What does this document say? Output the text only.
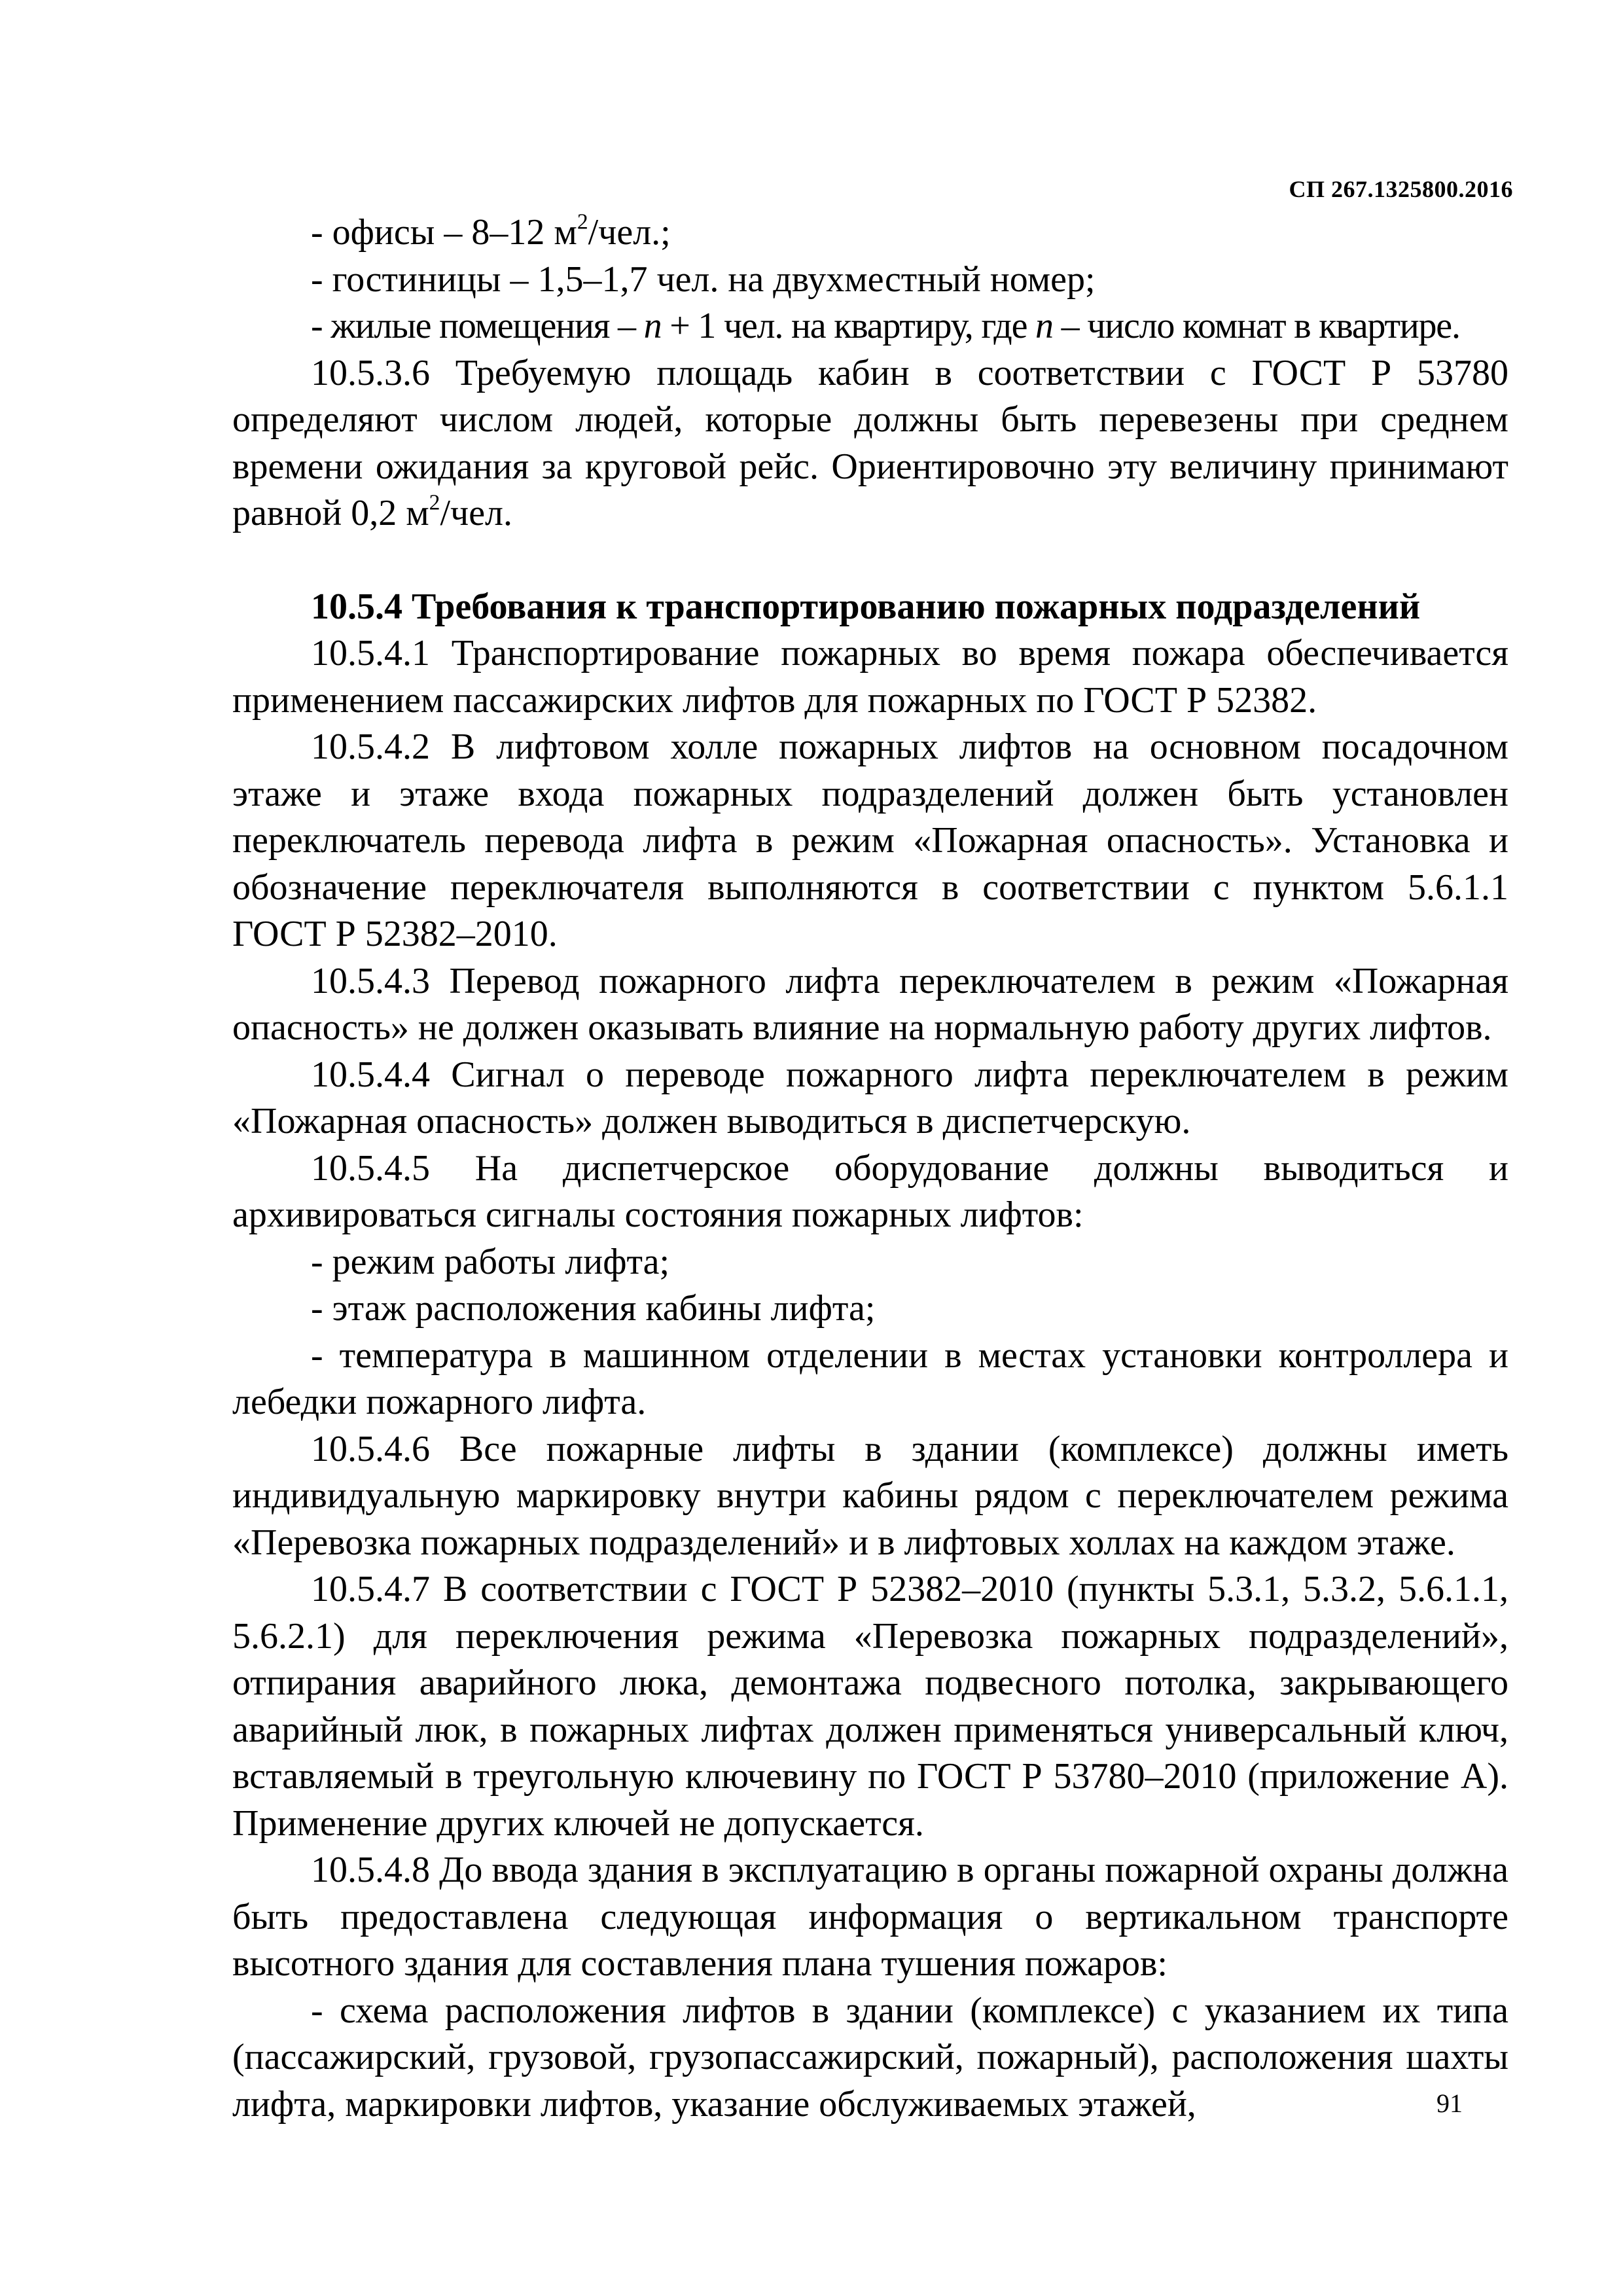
СП 267.1325800.2016

- офисы – 8–12 $м^2$/чел.;

- гостиницы – 1,5–1,7 чел. на двухместный номер;

- жилые помещения – n + 1 чел. на квартиру, где n – число комнат в квартире.

10.5.3.6 Требуемую площадь кабин в соответствии с ГОСТ Р 53780 определяют числом людей, которые должны быть перевезены при среднем времени ожидания за круговой рейс. Ориентировочно эту величину принимают равной 0,2 $м^2$/чел.

10.5.4 Требования к транспортированию пожарных подразделений

10.5.4.1 Транспортирование пожарных во время пожара обеспечивается применением пассажирских лифтов для пожарных по ГОСТ Р 52382.

10.5.4.2 В лифтовом холле пожарных лифтов на основном посадочном этаже и этаже входа пожарных подразделений должен быть установлен переключатель перевода лифта в режим «Пожарная опасность». Установка и обозначение переключателя выполняются в соответствии с пунктом 5.6.1.1 ГОСТ Р 52382–2010.

10.5.4.3 Перевод пожарного лифта переключателем в режим «Пожарная опасность» не должен оказывать влияние на нормальную работу других лифтов.

10.5.4.4 Сигнал о переводе пожарного лифта переключателем в режим «Пожарная опасность» должен выводиться в диспетчерскую.

10.5.4.5 На диспетчерское оборудование должны выводиться и архивироваться сигналы состояния пожарных лифтов:

- режим работы лифта;

- этаж расположения кабины лифта;

- температура в машинном отделении в местах установки контроллера и лебедки пожарного лифта.

10.5.4.6 Все пожарные лифты в здании (комплексе) должны иметь индивидуальную маркировку внутри кабины рядом с переключателем режима «Перевозка пожарных подразделений» и в лифтовых холлах на каждом этаже.

10.5.4.7 В соответствии с ГОСТ Р 52382–2010 (пункты 5.3.1, 5.3.2, 5.6.1.1, 5.6.2.1) для переключения режима «Перевозка пожарных подразделений», отпирания аварийного люка, демонтажа подвесного потолка, закрывающего аварийный люк, в пожарных лифтах должен применяться универсальный ключ, вставляемый в треугольную ключевину по ГОСТ Р 53780–2010 (приложение А). Применение других ключей не допускается.

10.5.4.8 До ввода здания в эксплуатацию в органы пожарной охраны должна быть предоставлена следующая информация о вертикальном транспорте высотного здания для составления плана тушения пожаров:

- схема расположения лифтов в здании (комплексе) с указанием их типа (пассажирский, грузовой, грузопассажирский, пожарный), расположения шахты лифта, маркировки лифтов, указание обслуживаемых этажей,	91
